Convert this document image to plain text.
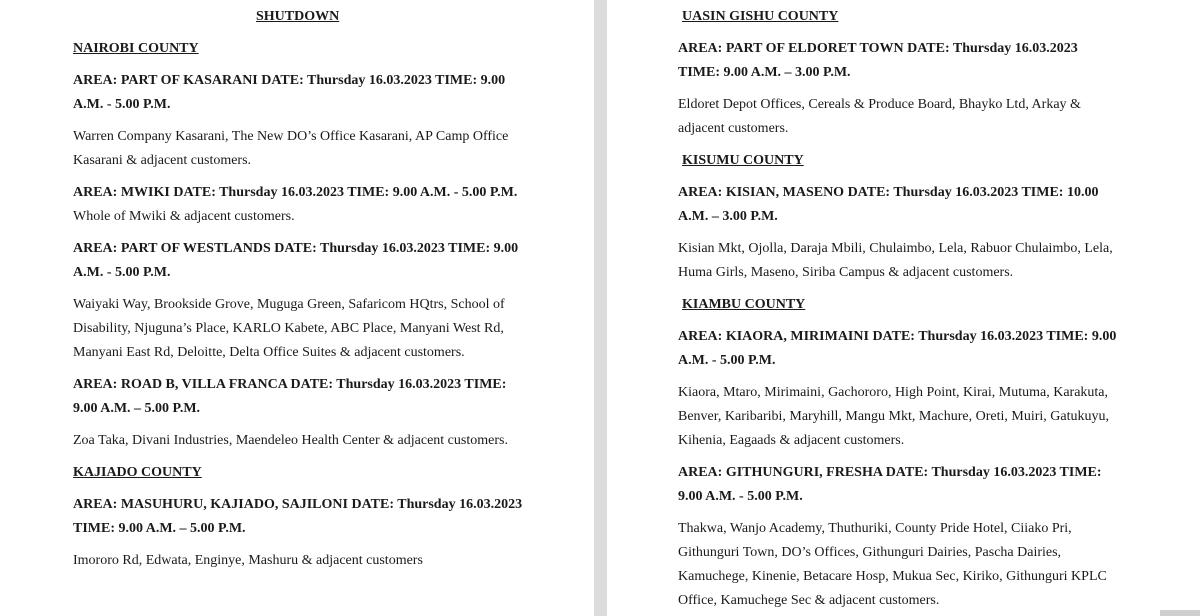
SHUTDOWN
NAIROBI COUNTY
AREA: PART OF KASARANI DATE: Thursday 16.03.2023 TIME: 9.00
A.M. - 5.00 P.M.
Warren Company Kasarani, The New DO’s Office Kasarani, AP Camp Office
Kasarani & adjacent customers.
AREA: MWIKI DATE: Thursday 16.03.2023 TIME: 9.00 A.M. - 5.00 P.M.
Whole of Mwiki & adjacent customers.
AREA: PART OF WESTLANDS DATE: Thursday 16.03.2023 TIME: 9.00
A.M. - 5.00 P.M.
Waiyaki Way, Brookside Grove, Muguga Green, Safaricom HQtrs, School of
Disability, Njuguna’s Place, KARLO Kabete, ABC Place, Manyani West Rd,
Manyani East Rd, Deloitte, Delta Office Suites & adjacent customers.
AREA: ROAD B, VILLA FRANCA DATE: Thursday 16.03.2023 TIME:
9.00 A.M. – 5.00 P.M.
Zoa Taka, Divani Industries, Maendeleo Health Center & adjacent customers.
KAJIADO COUNTY
AREA: MASUHURU, KAJIADO, SAJILONI DATE: Thursday 16.03.2023
TIME: 9.00 A.M. – 5.00 P.M.
Imororo Rd, Edwata, Enginye, Mashuru & adjacent customers
UASIN GISHU COUNTY
AREA: PART OF ELDORET TOWN DATE: Thursday 16.03.2023
TIME: 9.00 A.M. – 3.00 P.M.
Eldoret Depot Offices, Cereals & Produce Board, Bhayko Ltd, Arkay &
adjacent customers.
KISUMU COUNTY
AREA: KISIAN, MASENO DATE: Thursday 16.03.2023 TIME: 10.00
A.M. – 3.00 P.M.
Kisian Mkt, Ojolla, Daraja Mbili, Chulaimbo, Lela, Rabuor Chulaimbo, Lela,
Huma Girls, Maseno, Siriba Campus & adjacent customers.
KIAMBU COUNTY
AREA: KIAORA, MIRIMAINI DATE: Thursday 16.03.2023 TIME: 9.00
A.M. - 5.00 P.M.
Kiaora, Mtaro, Mirimaini, Gachororo, High Point, Kirai, Mutuma, Karakuta,
Benver, Karibaribi, Maryhill, Mangu Mkt, Machure, Oreti, Muiri, Gatukuyu,
Kihenia, Eagaads & adjacent customers.
AREA: GITHUNGURI, FRESHA DATE: Thursday 16.03.2023 TIME:
9.00 A.M. - 5.00 P.M.
Thakwa, Wanjo Academy, Thuthuriki, County Pride Hotel, Ciiako Pri,
Githunguri Town, DO’s Offices, Githunguri Dairies, Pascha Dairies,
Kamuchege, Kinenie, Betacare Hosp, Mukua Sec, Kiriko, Githunguri KPLC
Office, Kamuchege Sec & adjacent customers.
